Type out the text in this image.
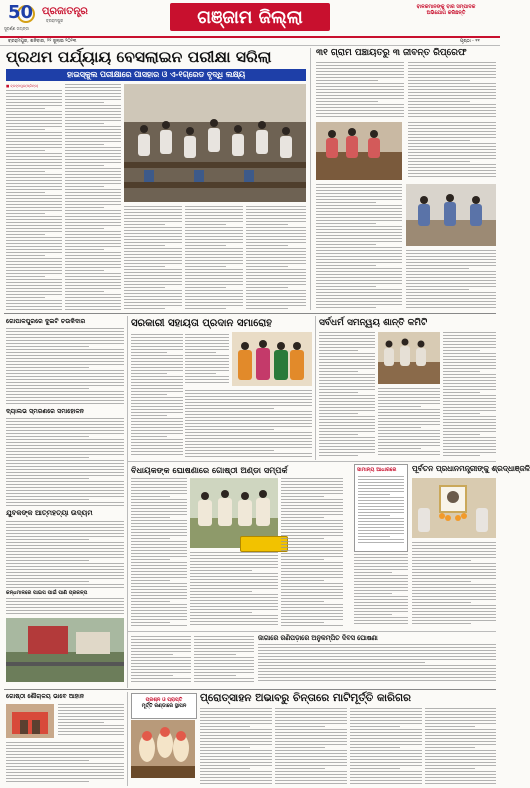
50
ସୁବର୍ଣ୍ଣ ଜୟନ୍ତୀ
ପ୍ରଜାତନ୍ତ୍ର
ବ୍ରହ୍ମପୁର	ଗଞ୍ଜାମ ଜିଲ୍ଲା	ବାଳକମାନଙ୍କୁ ବାର ସମ୍ପାଦକ
ଅଭିଯୋଗ କରିଛନ୍ତି
ବ୍ରହ୍ମପୁର, ଶନିବାର, ୨୨ ଜୁଲାଇ ୨୦୨୩	ପୃଷ୍ଠା - ୧୧
ପ୍ରଥମ ପର୍ଯ୍ୟାୟ ବେସଲାଇନ ପରୀକ୍ଷା ସରିଲା
ହାଇସ୍କୁଲ ପରୀକ୍ଷାରେ ପାସହାର ଓ ଏ-୧ଗ୍ରେଡ ବୃଦ୍ଧି ଲକ୍ଷ୍ୟ
■ ବ୍ରହ୍ମପୁର(ପ୍ରିନ୍ସ)
୩୧ ଗ୍ରାମ ପଞ୍ଚାୟତରୁ ୩ ଜୀବନ୍ତ ରିପ୍ରେଫ
ଗୋପାଳପୁରରେ ଦୁଇଟି ଚଉକିଦାର
ଦ୍ୟାଲଭ ସ୍ମରଣରେ ସମାହୋଳନ
ଯୁବକଙ୍କ ଆତ୍ମହତ୍ୟା ଉଦ୍ୟମ
କନ୍ଧମାଳରେ ପାଇପ ପାଇଁ ପାଣି ପ୍ରକଳ୍ପ
ସରକାରୀ ସହାୟତା ପ୍ରଦାନ ସମାରୋହ	ସର୍ବଧର୍ମ ସମନ୍ୱୟ ଶାନ୍ତି କମିଟି
ବିଧାୟକଙ୍କ ଘୋଷଣାରେ ଗୋଷ୍ଠୀ ଅଣ୍ଡା ସମ୍ପର୍କ	ସାମାନ୍ୟ ଆଧାରରେ	ପୂର୍ବତନ ପ୍ରଧାନମନ୍ତ୍ରୀଙ୍କୁ ଶ୍ରଦ୍ଧାଞ୍ଜଳି
ଜାଗାରେ ରଣିପଡ଼ାରେ ଅନୁକମ୍ପିତ ଦିବସ ଘୋଷଣା
ଗୋଷ୍ଠୀ ଶୌଚାଳୟ ଭାବେ ଆହାନ	ପ୍ରଶ୍ନ ଓ ପ୍ରାପ୍ତି
ମୂର୍ତ୍ତି ରଣ୍ଡାରେ ସ୍ଥାପନ
ପ୍ରୋତ୍ସାହନ ଅଭାବରୁ ଚିନ୍ତାରେ ମାଟିମୂର୍ତ୍ତି କାରିଗର
